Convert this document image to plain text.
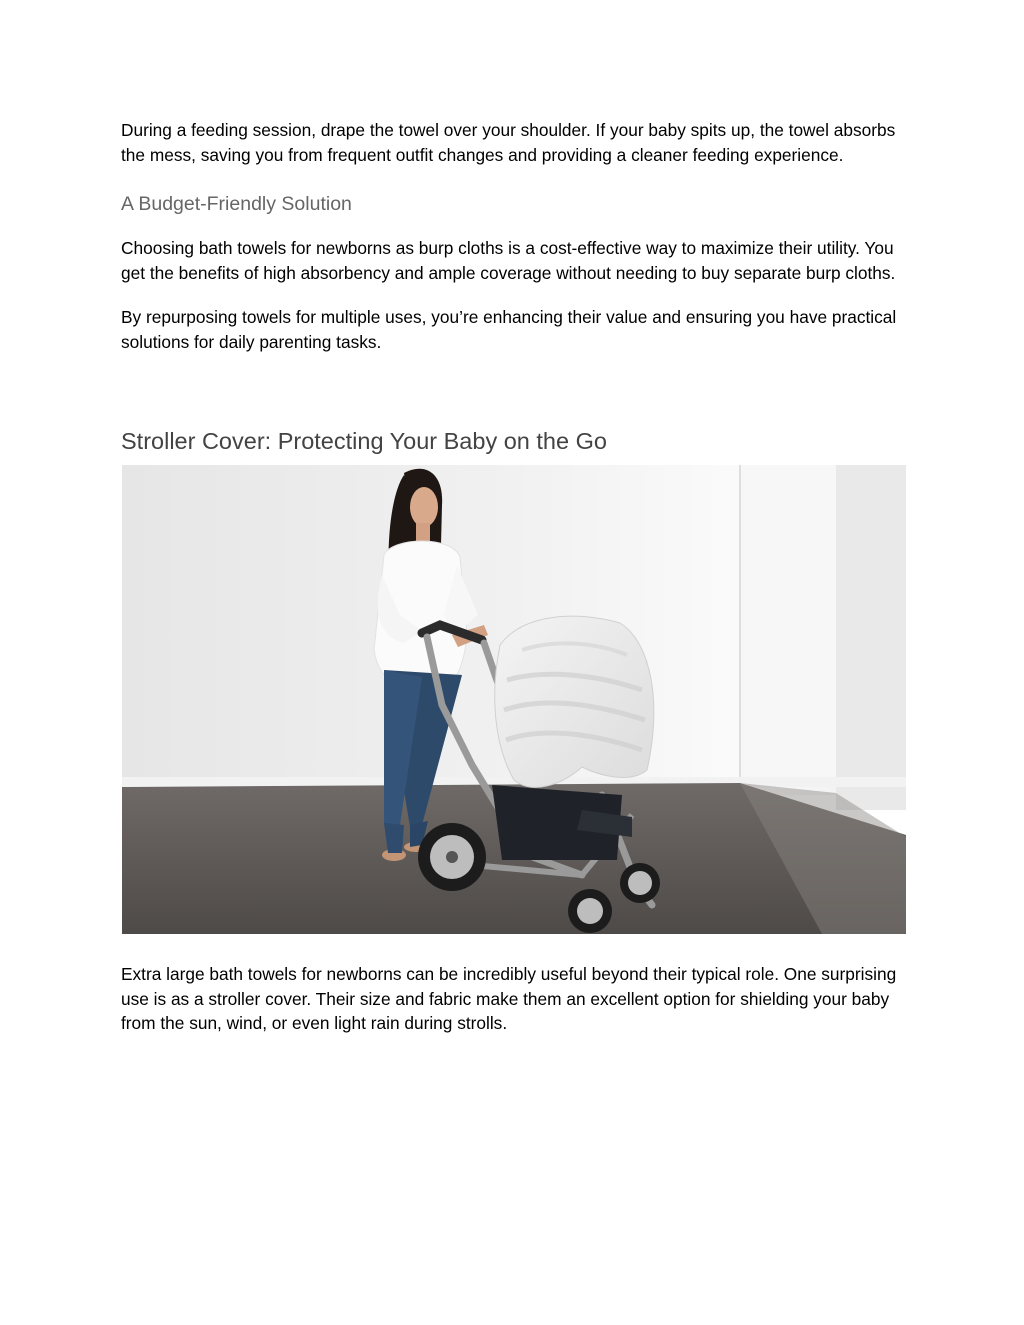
During a feeding session, drape the towel over your shoulder. If your baby spits up, the towel absorbs the mess, saving you from frequent outfit changes and providing a cleaner feeding experience.

A Budget-Friendly Solution

Choosing bath towels for newborns as burp cloths is a cost-effective way to maximize their utility. You get the benefits of high absorbency and ample coverage without needing to buy separate burp cloths.

By repurposing towels for multiple uses, you’re enhancing their value and ensuring you have practical solutions for daily parenting tasks.

Stroller Cover: Protecting Your Baby on the Go

Extra large bath towels for newborns can be incredibly useful beyond their typical role. One surprising use is as a stroller cover. Their size and fabric make them an excellent option for shielding your baby from the sun, wind, or even light rain during strolls.
